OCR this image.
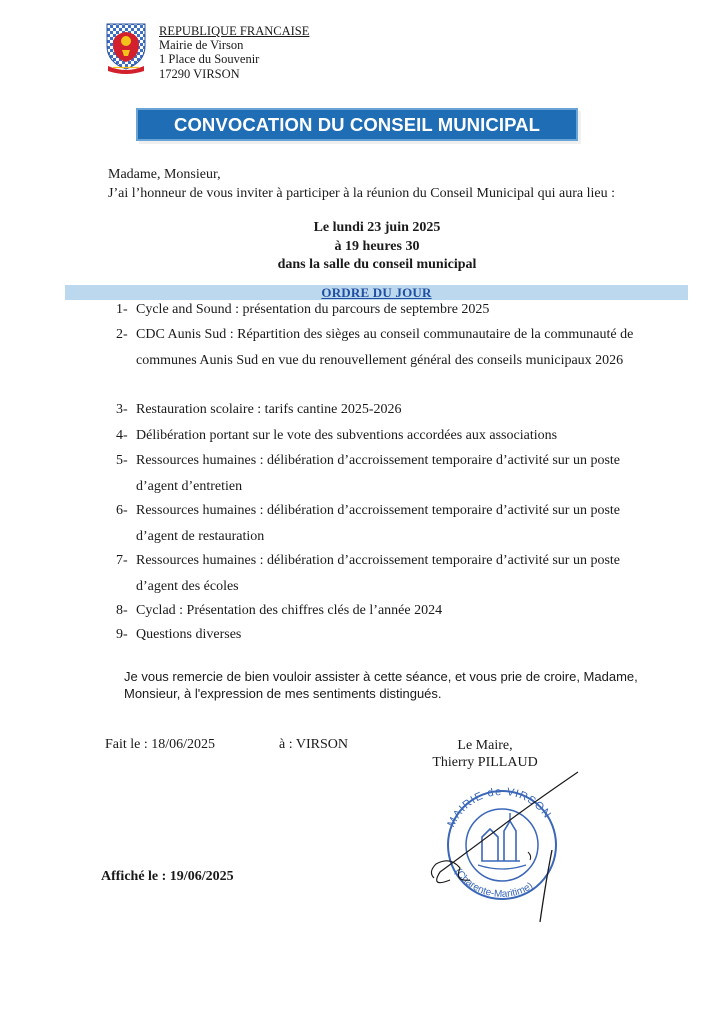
REPUBLIQUE FRANCAISE
Mairie de Virson
1 Place du Souvenir
17290 VIRSON
CONVOCATION DU CONSEIL MUNICIPAL
Madame, Monsieur,
J’ai l’honneur de vous inviter à participer à la réunion du Conseil Municipal qui aura lieu :
Le lundi 23 juin 2025
à 19 heures 30
dans la salle du conseil municipal
ORDRE DU JOUR
1- Cycle and Sound : présentation du parcours de septembre 2025
2- CDC Aunis Sud : Répartition des sièges au conseil communautaire de la communauté de communes Aunis Sud en vue du renouvellement général des conseils municipaux 2026
3- Restauration scolaire : tarifs cantine 2025-2026
4- Délibération portant sur le vote des subventions accordées aux associations
5- Ressources humaines : délibération d’accroissement temporaire d’activité sur un poste d’agent d’entretien
6- Ressources humaines : délibération d’accroissement temporaire d’activité sur un poste d’agent de restauration
7- Ressources humaines : délibération d’accroissement temporaire d’activité sur un poste d’agent des écoles
8- Cyclad : Présentation des chiffres clés de l’année 2024
9- Questions diverses
Je vous remercie de bien vouloir assister à cette séance, et vous prie de croire, Madame, Monsieur, à l'expression de mes sentiments distingués.
Fait le : 18/06/2025	à : VIRSON	Le Maire,
Thierry PILLAUD
MAIRIE de VIRSON
(Charente-Maritime)
Affiché le : 19/06/2025
